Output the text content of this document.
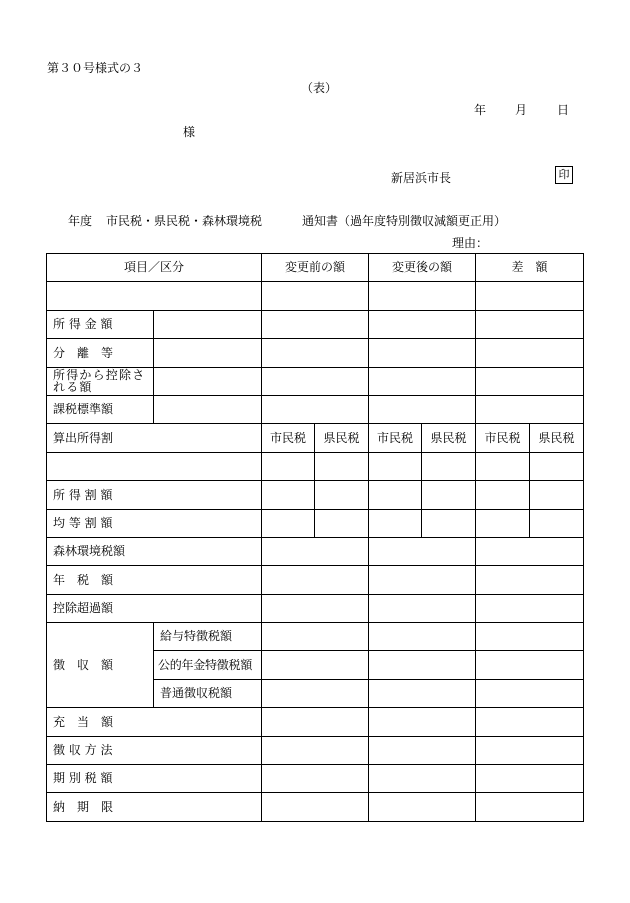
第３０号様式の３
（表）
年 月 日
様
新居浜市長	印
年度 市民税・県民税・森林環境税	通知書（過年度特別徴収減額更正用）
理由：
項目／区分		変更前の額		変更後の額		差　額	

所 得 金 額							
分　離　等							
所得から控除される額							
課税標準額							
算出所得割		市民税	県民税	市民税	県民税	市民税	県民税

所 得 割 額							
均 等 割 額							
森林環境税額							
年　税　額							
控除超過額							
徴　収　額	給与特徴税額						
	公的年金特徴税額						
	普通徴収税額						
充　当　額							
徴 収 方 法							
期 別 税 額							
納　期　限							
